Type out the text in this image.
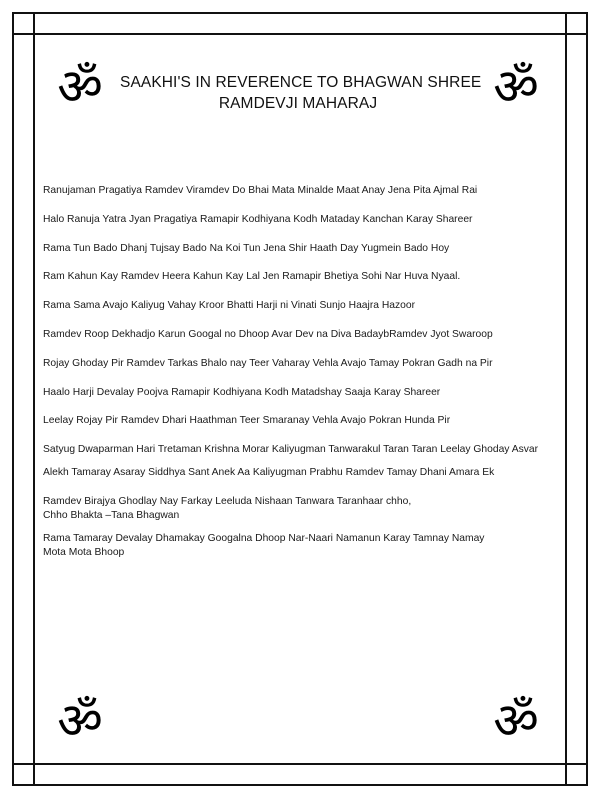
ॐ	ॐ
ॐ	ॐ
SAAKHI'S IN REVERENCE TO BHAGWAN SHREE
RAMDEVJI MAHARAJ

Ranujaman Pragatiya Ramdev Viramdev Do Bhai Mata Minalde Maat Anay Jena Pita Ajmal Rai

Halo Ranuja Yatra Jyan Pragatiya Ramapir Kodhiyana Kodh Mataday Kanchan Karay Shareer

Rama Tun Bado Dhanj Tujsay Bado Na Koi Tun Jena Shir Haath Day Yugmein Bado Hoy

Ram Kahun Kay Ramdev Heera Kahun Kay Lal Jen Ramapir Bhetiya Sohi Nar Huva Nyaal.

Rama Sama Avajo Kaliyug Vahay Kroor Bhatti Harji ni Vinati Sunjo Haajra Hazoor

Ramdev Roop Dekhadjo Karun Googal no Dhoop Avar Dev na Diva BadaybRamdev Jyot Swaroop

Rojay Ghoday Pir Ramdev Tarkas Bhalo nay Teer Vaharay Vehla Avajo Tamay Pokran Gadh na Pir

Haalo Harji Devalay Poojva Ramapir Kodhiyana Kodh Matadshay Saaja Karay Shareer

Leelay Rojay Pir Ramdev Dhari Haathman Teer Smaranay Vehla Avajo Pokran Hunda Pir

Satyug Dwaparman Hari Tretaman Krishna Morar Kaliyugman Tanwarakul Taran Taran Leelay Ghoday Asvar

Alekh Tamaray Asaray Siddhya Sant Anek Aa Kaliyugman Prabhu Ramdev Tamay Dhani Amara Ek

Ramdev Birajya Ghodlay Nay Farkay Leeluda Nishaan Tanwara Taranhaar chho,
Chho Bhakta –Tana Bhagwan

Rama Tamaray Devalay Dhamakay Googalna Dhoop Nar-Naari Namanun Karay Tamnay Namay
Mota Mota Bhoop
